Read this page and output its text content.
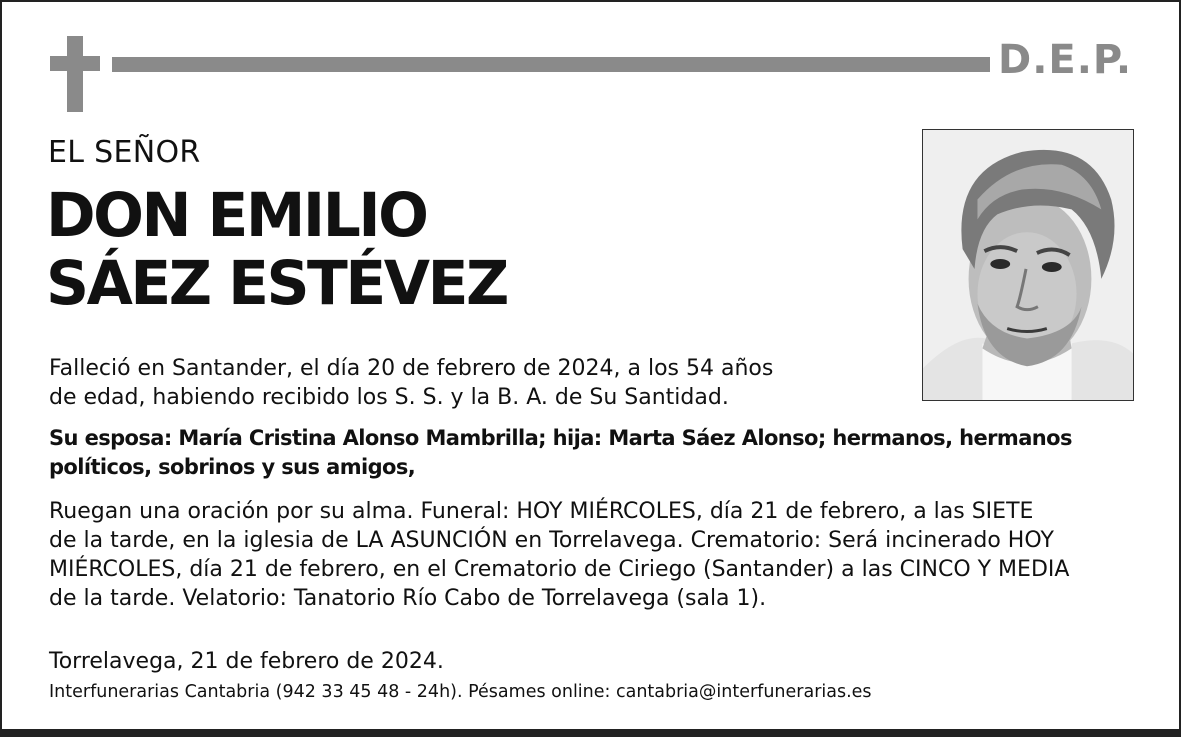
D.E.P.
EL SEÑOR
DON EMILIO
SÁEZ ESTÉVEZ
Falleció en Santander, el día 20 de febrero de 2024, a los 54 años
de edad, habiendo recibido los S. S. y la B. A. de Su Santidad.
Su esposa: María Cristina Alonso Mambrilla; hija: Marta Sáez Alonso; hermanos, hermanos
políticos, sobrinos y sus amigos,
Ruegan una oración por su alma. Funeral: HOY MIÉRCOLES, día 21 de febrero, a las SIETE
de la tarde, en la iglesia de LA ASUNCIÓN en Torrelavega. Crematorio: Será incinerado HOY
MIÉRCOLES, día 21 de febrero, en el Crematorio de Ciriego (Santander) a las CINCO Y MEDIA
de la tarde. Velatorio: Tanatorio Río Cabo de Torrelavega (sala 1).
Torrelavega, 21 de febrero de 2024.
Interfunerarias Cantabria (942 33 45 48 - 24h). Pésames online: cantabria@interfunerarias.es
